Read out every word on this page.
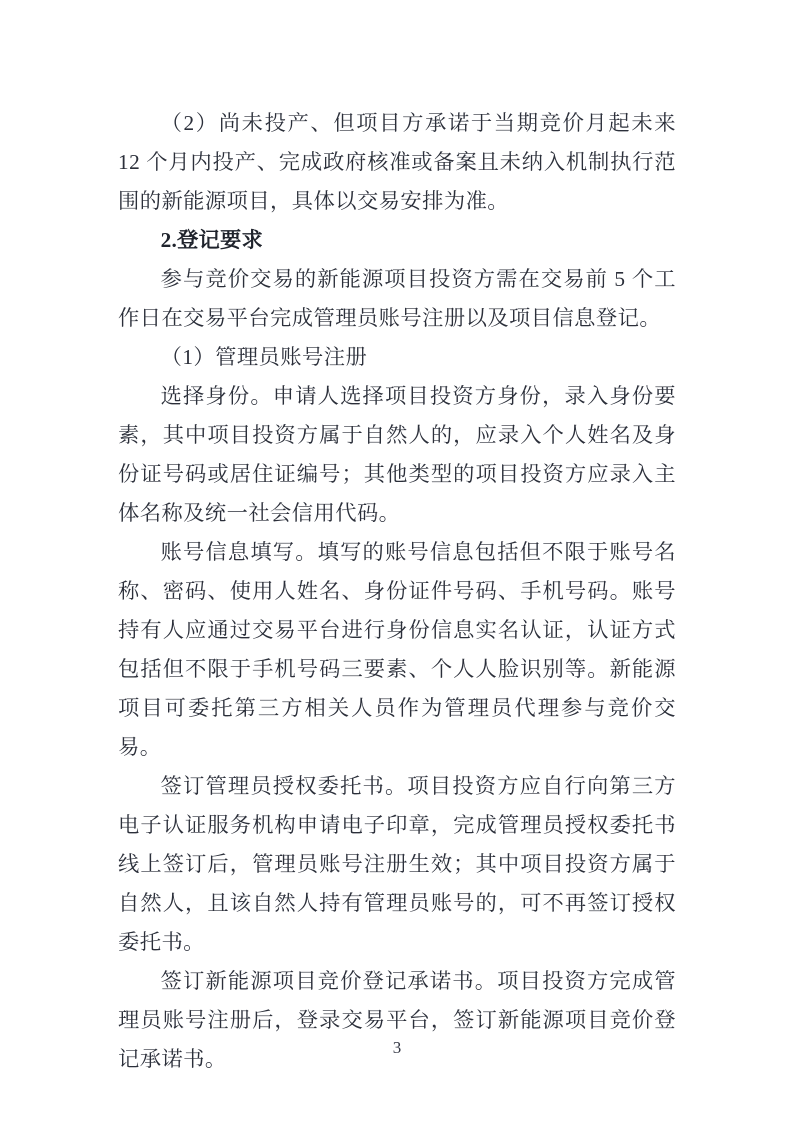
（2）尚未投产、但项目方承诺于当期竞价月起未来 12 个月内投产、完成政府核准或备案且未纳入机制执行范围的新能源项目，具体以交易安排为准。

2.登记要求

参与竞价交易的新能源项目投资方需在交易前 5 个工作日在交易平台完成管理员账号注册以及项目信息登记。

（1）管理员账号注册

选择身份。申请人选择项目投资方身份，录入身份要素，其中项目投资方属于自然人的，应录入个人姓名及身份证号码或居住证编号；其他类型的项目投资方应录入主体名称及统一社会信用代码。

账号信息填写。填写的账号信息包括但不限于账号名称、密码、使用人姓名、身份证件号码、手机号码。账号持有人应通过交易平台进行身份信息实名认证，认证方式包括但不限于手机号码三要素、个人人脸识别等。新能源项目可委托第三方相关人员作为管理员代理参与竞价交易。

签订管理员授权委托书。项目投资方应自行向第三方电子认证服务机构申请电子印章，完成管理员授权委托书线上签订后，管理员账号注册生效；其中项目投资方属于自然人，且该自然人持有管理员账号的，可不再签订授权委托书。

签订新能源项目竞价登记承诺书。项目投资方完成管理员账号注册后，登录交易平台，签订新能源项目竞价登记承诺书。	3
